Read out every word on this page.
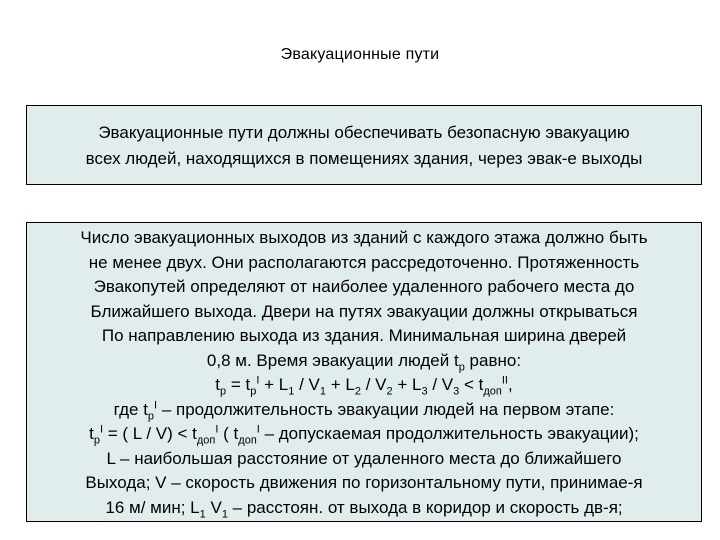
Эвакуационные пути
Эвакуационные пути должны обеспечивать безопасную эвакуацию
всех людей, находящихся в помещениях здания, через эвак-е выходы
Число эвакуационных выходов из зданий с каждого этажа должно быть
не менее двух. Они располагаются рассредоточенно. Протяженность
Эвакопутей определяют от наиболее удаленного рабочего места до
Ближайшего выхода. Двери на путях эвакуации должны открываться
По направлению выхода из здания. Минимальная ширина дверей
0,8 м. Время эвакуации людей $t_р$ равно:
$t_р = t_р^I + L_1 / V_1 + L_2 / V_2 + L_3 / V_3 < t_{доп}^{II}$,
где $t_р^I$ – продолжительность эвакуации людей на первом этапе:
$t_р^I$ = ( $L / V) < t_{доп}^I$ ( $t_{доп}^I$ – допускаемая продолжительность эвакуации);
L – наибольшая расстояние от удаленного места до ближайшего
Выхода; V – скорость движения по горизонтальному пути, принимае-я
16 м/ мин; $L_1$ $V_1$ – расстоян. от выхода в коридор и скорость дв-я;
